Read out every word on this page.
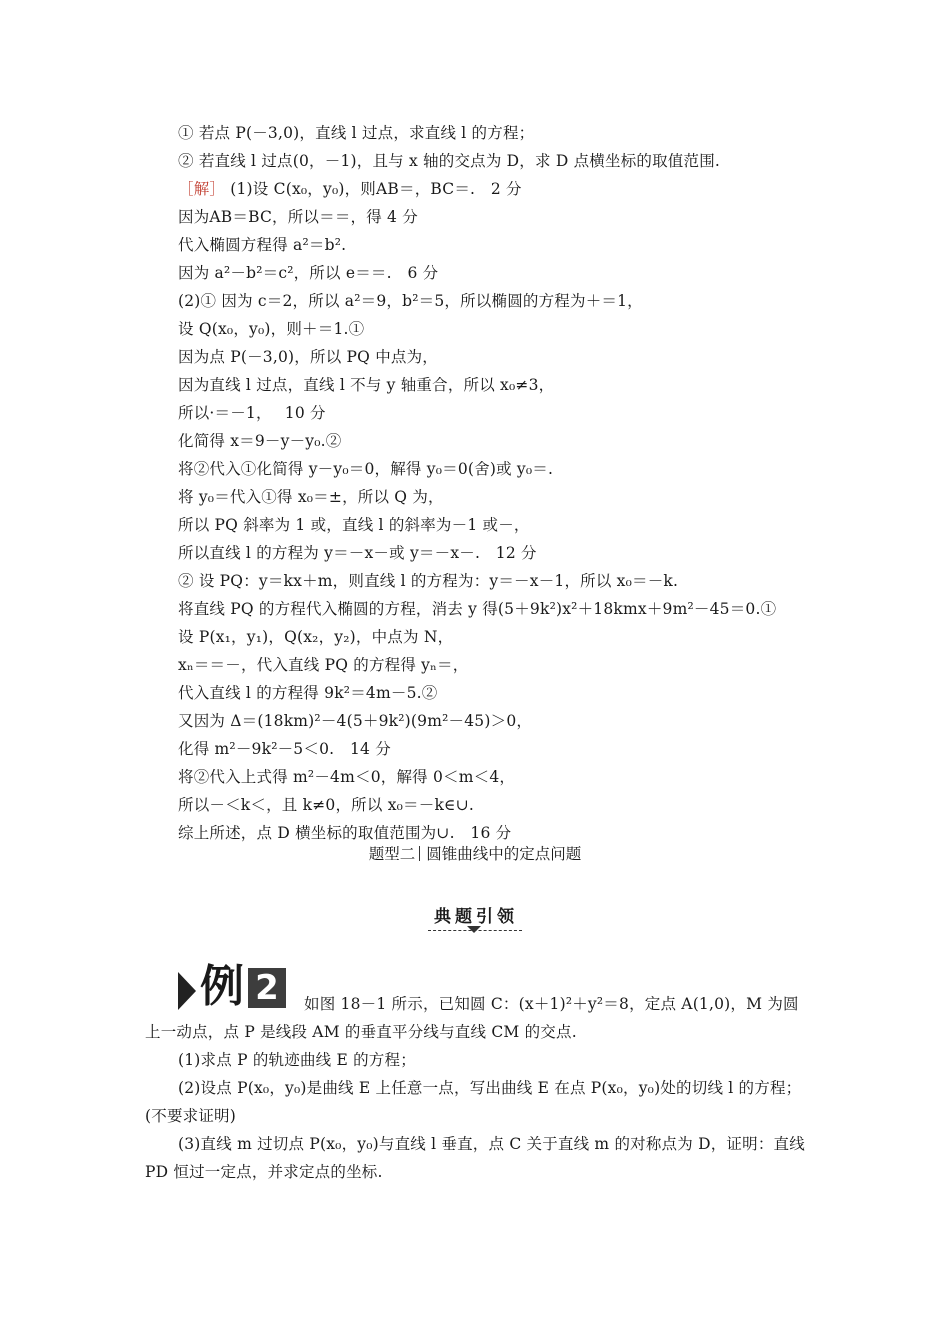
① 若点 P(－3,0)，直线 l 过点，求直线 l 的方程；
② 若直线 l 过点(0，－1)，且与 x 轴的交点为 D，求 D 点横坐标的取值范围.
［解］ (1)设 C(x₀，y₀)，则AB＝，BC＝.　2 分
因为AB＝BC，所以＝＝，得 4 分
代入椭圆方程得 a²＝b².
因为 a²－b²＝c²，所以 e＝＝.　6 分
(2)① 因为 c＝2，所以 a²＝9，b²＝5，所以椭圆的方程为＋＝1，
设 Q(x₀，y₀)，则＋＝1.①
因为点 P(－3,0)，所以 PQ 中点为，
因为直线 l 过点，直线 l 不与 y 轴重合，所以 x₀≠3，
所以·＝－1，　 10 分
化简得 x＝9－y－y₀.②
将②代入①化简得 y－y₀＝0，解得 y₀＝0(舍)或 y₀＝.
将 y₀＝代入①得 x₀＝±，所以 Q 为，
所以 PQ 斜率为 1 或，直线 l 的斜率为－1 或－，
所以直线 l 的方程为 y＝－x－或 y＝－x－.　12 分
② 设 PQ：y＝kx＋m，则直线 l 的方程为：y＝－x－1，所以 x₀＝－k.
将直线 PQ 的方程代入椭圆的方程，消去 y 得(5＋9k²)x²＋18kmx＋9m²－45＝0.①
设 P(x₁，y₁)，Q(x₂，y₂)，中点为 N，
xₙ＝＝－，代入直线 PQ 的方程得 yₙ＝，
代入直线 l 的方程得 9k²＝4m－5.②
又因为 Δ＝(18km)²－4(5＋9k²)(9m²－45)＞0，
化得 m²－9k²－5＜0.　14 分
将②代入上式得 m²－4m＜0，解得 0＜m＜4，
所以－＜k＜，且 k≠0，所以 x₀＝－k∈∪.
综上所述，点 D 横坐标的取值范围为∪.　16 分
题型二 圆锥曲线中的定点问题
典题引领
例 2	如图 18－1 所示，已知圆 C：(x＋1)²＋y²＝8，定点 A(1,0)，M 为圆
上一动点，点 P 是线段 AM 的垂直平分线与直线 CM 的交点.
(1)求点 P 的轨迹曲线 E 的方程；
(2)设点 P(x₀，y₀)是曲线 E 上任意一点，写出曲线 E 在点 P(x₀，y₀)处的切线 l 的方程；
(不要求证明)
(3)直线 m 过切点 P(x₀，y₀)与直线 l 垂直，点 C 关于直线 m 的对称点为 D，证明：直线
PD 恒过一定点，并求定点的坐标.
